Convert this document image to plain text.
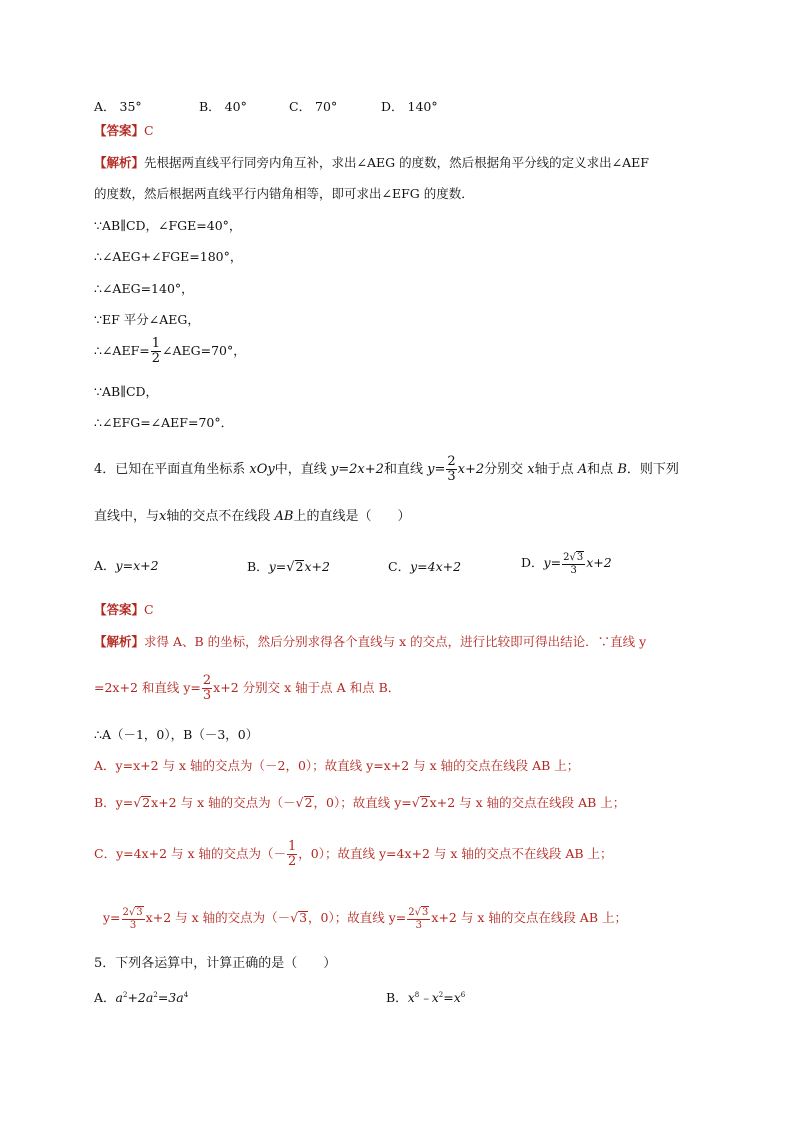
A． 35°	B． 40°	C． 70°	D． 140°
【答案】C
【解析】先根据两直线平行同旁内角互补，求出∠AEG 的度数，然后根据角平分线的定义求出∠AEF
的度数，然后根据两直线平行内错角相等，即可求出∠EFG 的度数．
∵AB∥CD，∠FGE=40°，
∴∠AEG+∠FGE=180°，
∴∠AEG=140°，
∵EF 平分∠AEG，
∴∠AEF= $\frac{1}{2}$ ∠AEG=70°，
∵AB∥CD，
∴∠EFG=∠AEF=70°．
4．已知在平面直角坐标系 xOy中，直线 y=2x+2和直线 $y= \frac{2}{3} x+2$分别交 x轴于点 A和点 B．则下列
直线中，与x轴的交点不在线段 AB上的直线是（　　）
A．y=x+2	B．y=√2x+2	C．y=4x+2	D．$y= \frac{2√3}{3} x+2$
【答案】C
【解析】求得 A、B 的坐标，然后分别求得各个直线与 x 的交点，进行比较即可得出结论．∵直线 y
=2x+2 和直线 $y= \frac{2}{3} x+2$ 分别交 x 轴于点 A 和点 B．
∴A（－1，0），B（－3，0）
A．y=x+2 与 x 轴的交点为（－2，0）；故直线 y=x+2 与 x 轴的交点在线段 AB 上；
B．y=√2x+2 与 x 轴的交点为（－√2，0）；故直线 y=√2x+2 与 x 轴的交点在线段 AB 上；
C．y=4x+2 与 x 轴的交点为（－ $\frac{1}{2}$ ，0）；故直线 y=4x+2 与 x 轴的交点不在线段 AB 上；
$y= \frac{2√3}{3} x+2$ 与 x 轴的交点为（－√3，0）；故直线 $y= \frac{2√3}{3} x+2$ 与 x 轴的交点在线段 AB 上；
5．下列各运算中，计算正确的是（　　）
A．$a^2+2a^2=3a^4$	B．$x^8﹣x^2=x^6$
